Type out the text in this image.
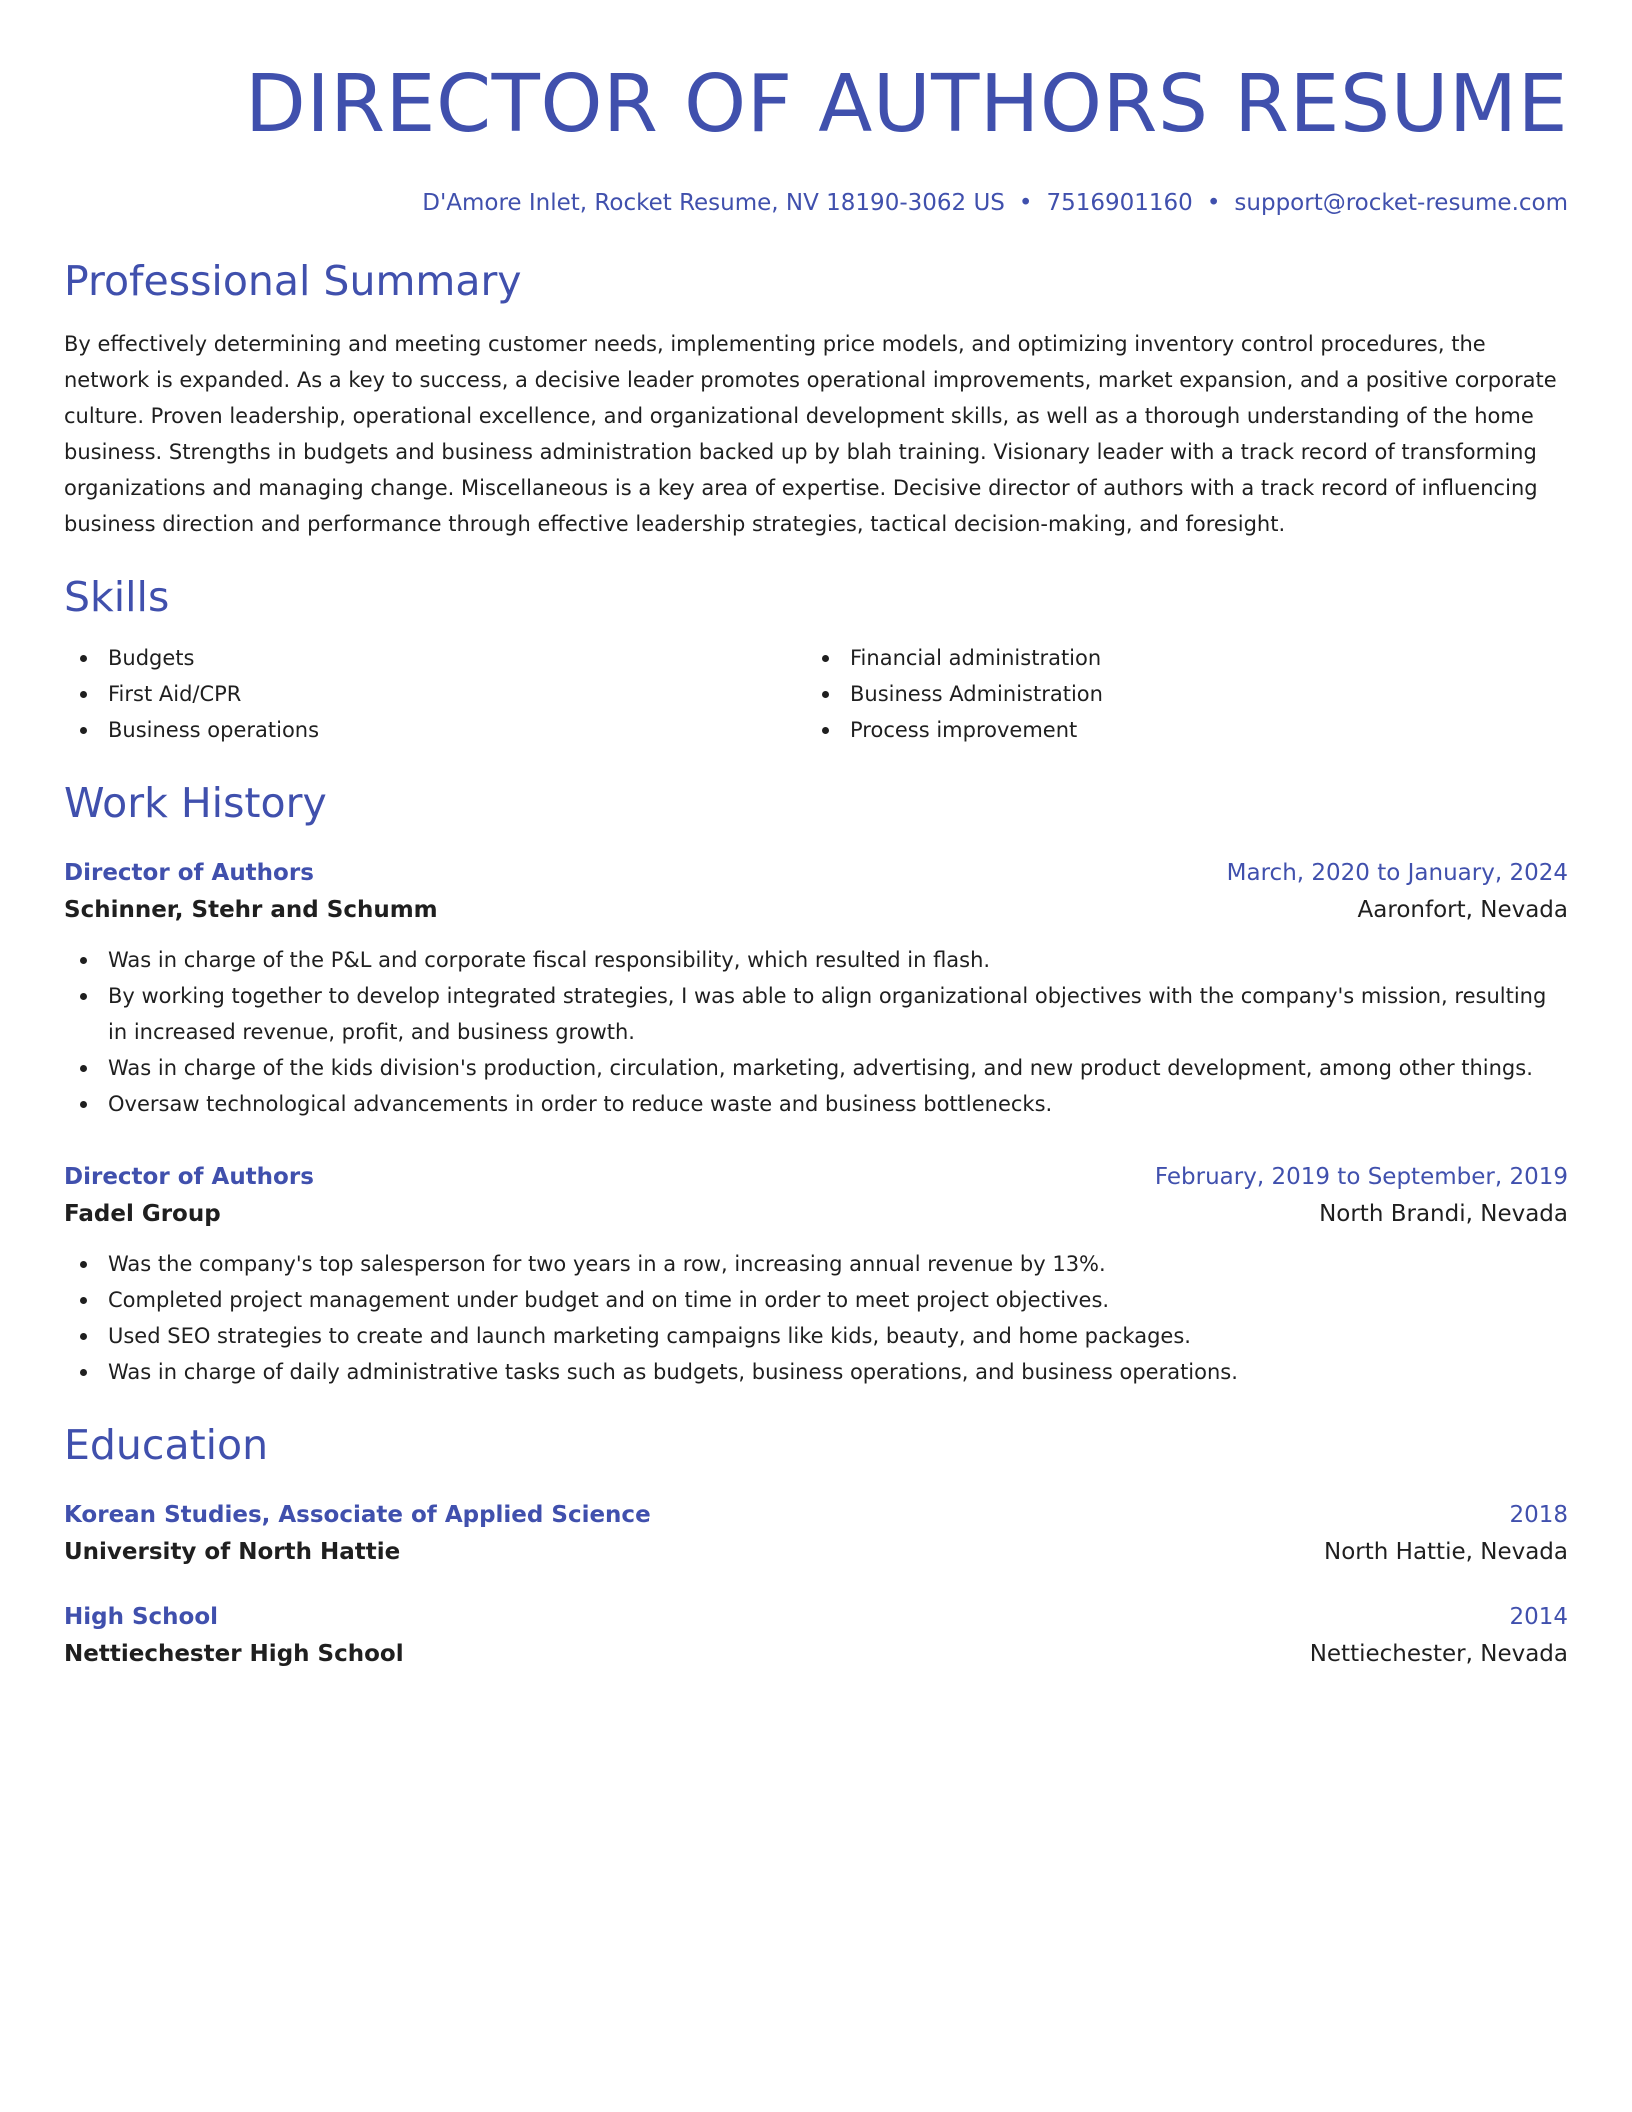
DIRECTOR OF AUTHORS RESUME
D'Amore Inlet, Rocket Resume, NV 18190-3062 US • 7516901160 • support@rocket-resume.com
Professional Summary

By effectively determining and meeting customer needs, implementing price models, and optimizing inventory control procedures, the network is expanded. As a key to success, a decisive leader promotes operational improvements, market expansion, and a positive corporate culture. Proven leadership, operational excellence, and organizational development skills, as well as a thorough understanding of the home business. Strengths in budgets and business administration backed up by blah training. Visionary leader with a track record of transforming organizations and managing change. Miscellaneous is a key area of expertise. Decisive director of authors with a track record of influencing business direction and performance through effective leadership strategies, tactical decision-making, and foresight.

Skills
Budgets
First Aid/CPR
Business operations
Financial administration
Business Administration
Process improvement
Work History
Director of Authors	March, 2020 to January, 2024
Schinner, Stehr and Schumm	Aaronfort, Nevada
Was in charge of the P&L and corporate fiscal responsibility, which resulted in flash.
By working together to develop integrated strategies, I was able to align organizational objectives with the company's mission, resulting in increased revenue, profit, and business growth.
Was in charge of the kids division's production, circulation, marketing, advertising, and new product development, among other things.
Oversaw technological advancements in order to reduce waste and business bottlenecks.
Director of Authors	February, 2019 to September, 2019
Fadel Group	North Brandi, Nevada
Was the company's top salesperson for two years in a row, increasing annual revenue by 13%.
Completed project management under budget and on time in order to meet project objectives.
Used SEO strategies to create and launch marketing campaigns like kids, beauty, and home packages.
Was in charge of daily administrative tasks such as budgets, business operations, and business operations.
Education
Korean Studies, Associate of Applied Science	2018
University of North Hattie	North Hattie, Nevada
High School	2014
Nettiechester High School	Nettiechester, Nevada
